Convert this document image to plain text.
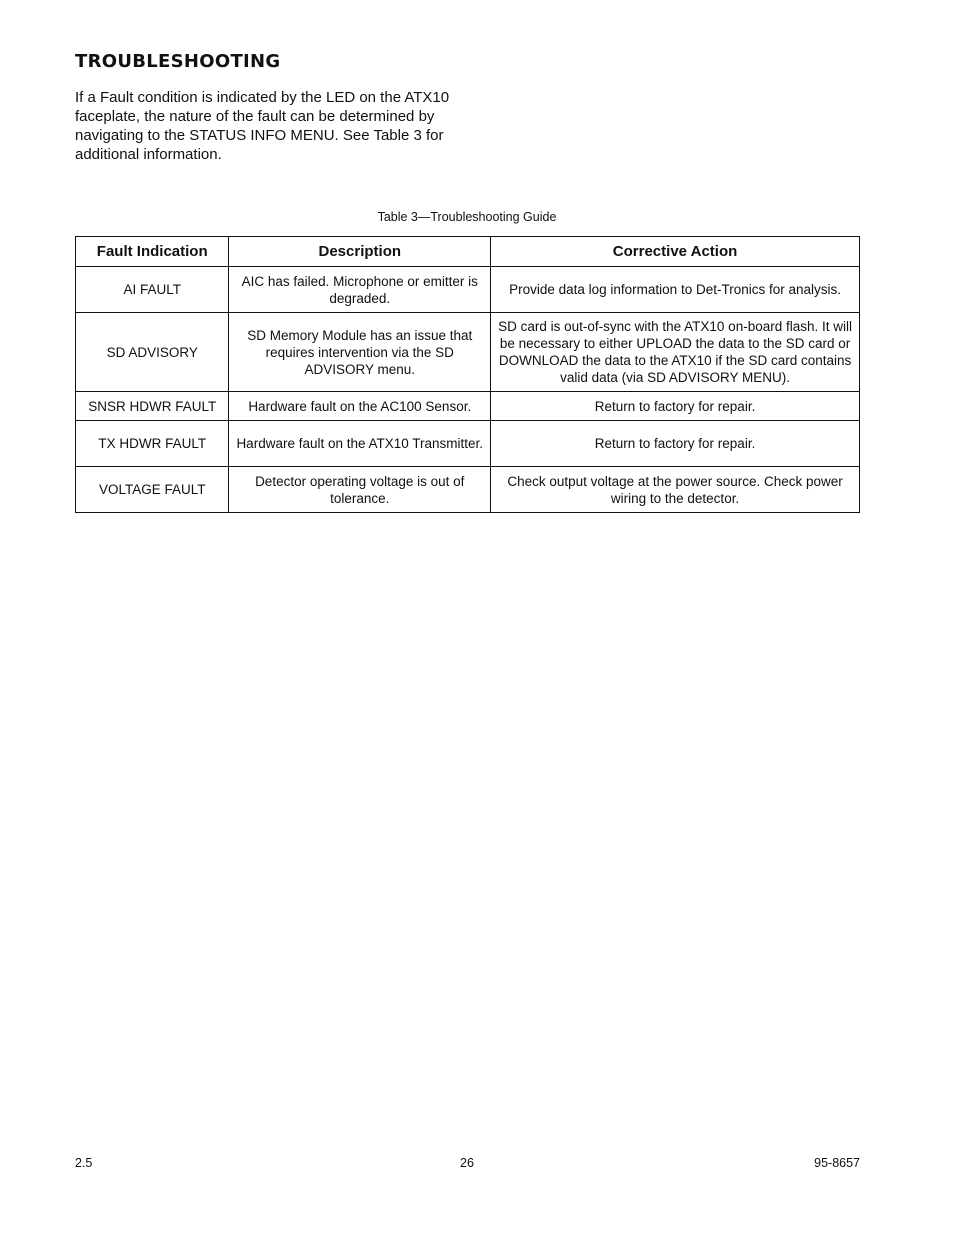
TROUBLESHOOTING

If a Fault condition is indicated by the LED on the ATX10 faceplate, the nature of the fault can be determined by navigating to the STATUS INFO MENU. See Table 3 for additional information.

Table 3—Troubleshooting Guide
Fault Indication	Description	Corrective Action
AI FAULT	AIC has failed. Microphone or emitter is degraded.	Provide data log information to Det-Tronics for analysis.
SD ADVISORY	SD Memory Module has an issue that requires intervention via the SD ADVISORY menu.	SD card is out-of-sync with the ATX10 on-board flash. It will be necessary to either UPLOAD the data to the SD card or DOWNLOAD the data to the ATX10 if the SD card contains valid data (via SD ADVISORY MENU).
SNSR HDWR FAULT	Hardware fault on the AC100 Sensor.	Return to factory for repair.
TX HDWR FAULT	Hardware fault on the ATX10 Transmitter.	Return to factory for repair.
VOLTAGE FAULT	Detector operating voltage is out of tolerance.	Check output voltage at the power source. Check power wiring to the detector.
2.5	26	95-8657
